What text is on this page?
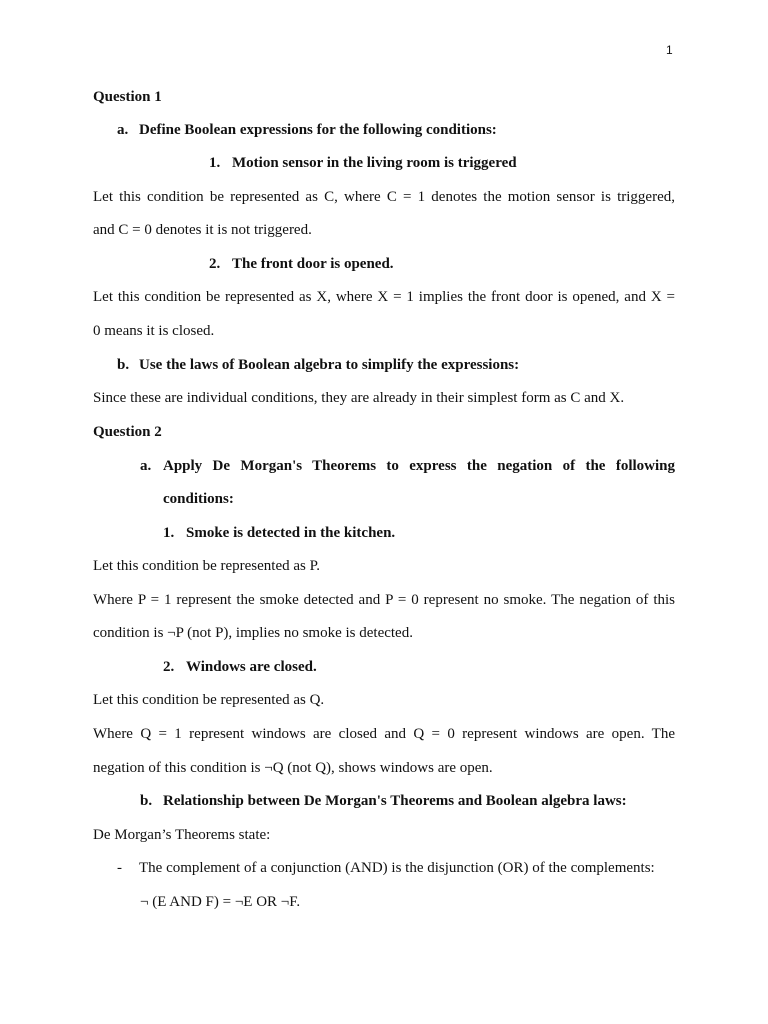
1
Question 1
a. Define Boolean expressions for the following conditions:
1. Motion sensor in the living room is triggered
Let this condition be represented as C, where C = 1 denotes the motion sensor is triggered,
and C = 0 denotes it is not triggered.
2. The front door is opened.
Let this condition be represented as X, where X = 1 implies the front door is opened, and X =
0 means it is closed.
b. Use the laws of Boolean algebra to simplify the expressions:
Since these are individual conditions, they are already in their simplest form as C and X.
Question 2
a. Apply De Morgan's Theorems to express the negation of the following
conditions:
1. Smoke is detected in the kitchen.
Let this condition be represented as P.
Where P = 1 represent the smoke detected and P = 0 represent no smoke. The negation of this
condition is ¬P (not P), implies no smoke is detected.
2. Windows are closed.
Let this condition be represented as Q.
Where Q = 1 represent windows are closed and Q = 0 represent windows are open. The
negation of this condition is ¬Q (not Q), shows windows are open.
b. Relationship between De Morgan's Theorems and Boolean algebra laws:
De Morgan’s Theorems state:
- The complement of a conjunction (AND) is the disjunction (OR) of the complements:
¬ (E AND F) = ¬E OR ¬F.
